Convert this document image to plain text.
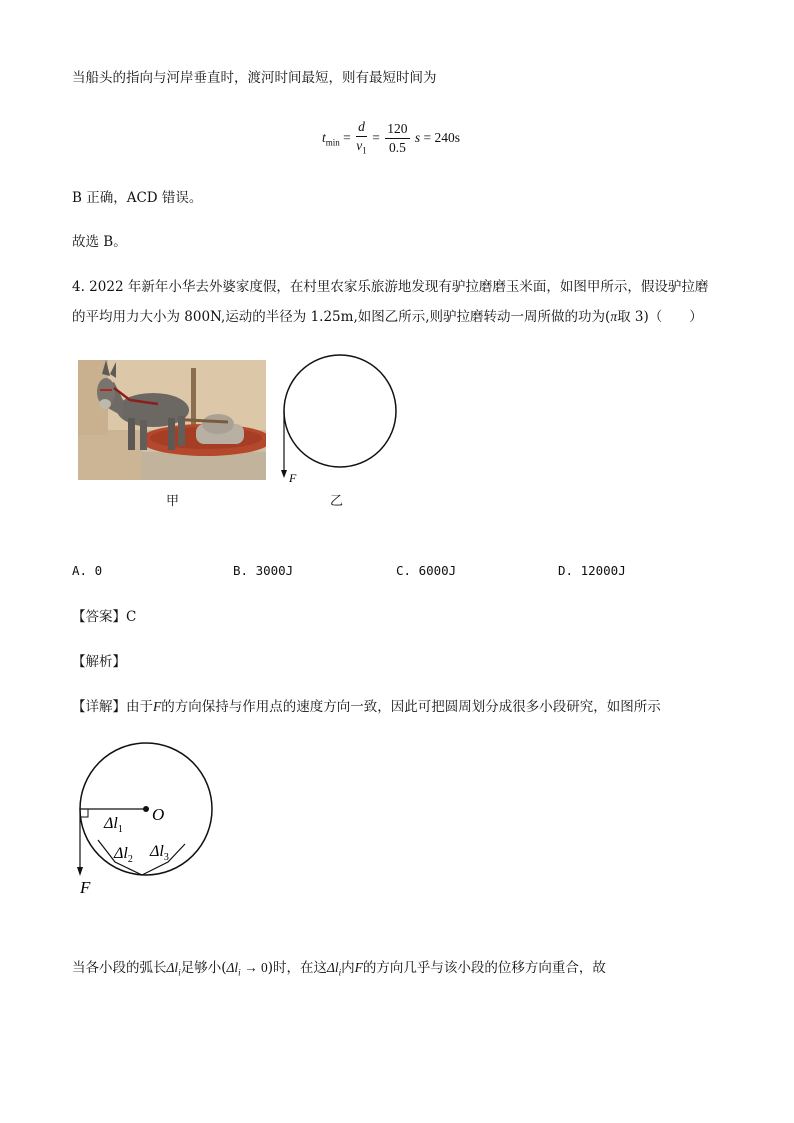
当船头的指向与河岸垂直时，渡河时间最短，则有最短时间为
$t_{min} = \frac{d}{v_1} = \frac{120}{0.5}$ s = 240s
B 正确，ACD 错误。
故选 B。
4. 2022 年新年小华去外婆家度假，在村里农家乐旅游地发现有驴拉磨磨玉米面，如图甲所示，假设驴拉磨
的平均用力大小为 800N,运动的半径为 1.25m,如图乙所示,则驴拉磨转动一周所做的功为(π取 3)（　　）
甲
F
乙
A. 0	B. 3000J	C. 6000J	D. 12000J
【答案】C
【解析】
【详解】由于F的方向保持与作用点的速度方向一致，因此可把圆周划分成很多小段研究，如图所示
O
$\Delta l_1$
$\Delta l_2$ $\Delta l_3$
F
当各小段的弧长$\Delta l_i$足够小$(\Delta l_i \to 0)$时，在这$\Delta l_i$内F的方向几乎与该小段的位移方向重合，故
